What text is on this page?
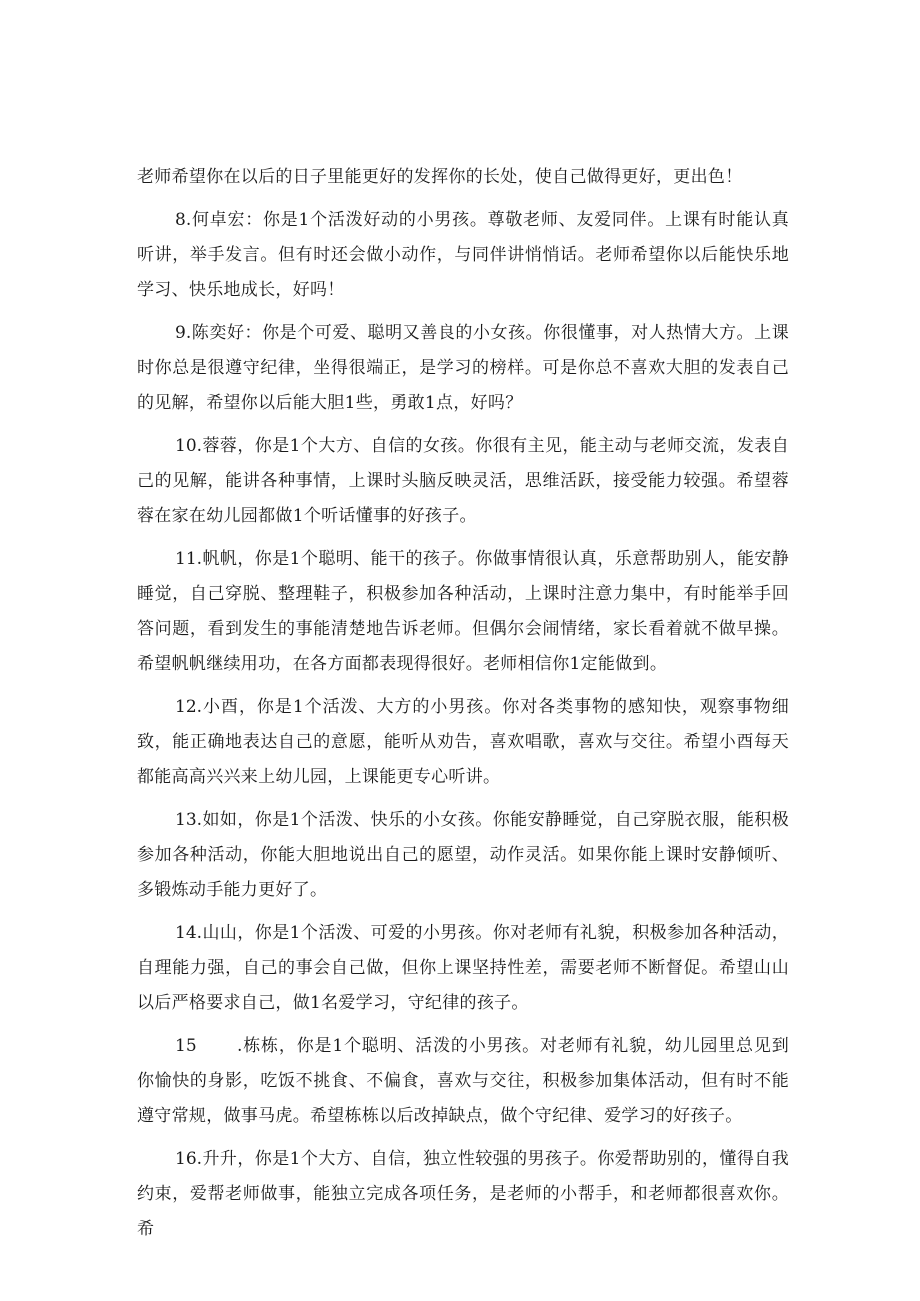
老师希望你在以后的日子里能更好的发挥你的长处，使自己做得更好，更出色！

8.何卓宏：你是1个活泼好动的小男孩。尊敬老师、友爱同伴。上课有时能认真听讲，举手发言。但有时还会做小动作，与同伴讲悄悄话。老师希望你以后能快乐地学习、快乐地成长，好吗！

9.陈奕好：你是个可爱、聪明又善良的小女孩。你很懂事，对人热情大方。上课时你总是很遵守纪律，坐得很端正，是学习的榜样。可是你总不喜欢大胆的发表自己的见解，希望你以后能大胆1些，勇敢1点，好吗？

10.蓉蓉，你是1个大方、自信的女孩。你很有主见，能主动与老师交流，发表自己的见解，能讲各种事情，上课时头脑反映灵活，思维活跃，接受能力较强。希望蓉蓉在家在幼儿园都做1个听话懂事的好孩子。

11.帆帆，你是1个聪明、能干的孩子。你做事情很认真，乐意帮助别人，能安静睡觉，自己穿脱、整理鞋子，积极参加各种活动，上课时注意力集中，有时能举手回答问题，看到发生的事能清楚地告诉老师。但偶尔会闹情绪，家长看着就不做早操。希望帆帆继续用功，在各方面都表现得很好。老师相信你1定能做到。

12.小酉，你是1个活泼、大方的小男孩。你对各类事物的感知快，观察事物细致，能正确地表达自己的意愿，能听从劝告，喜欢唱歌，喜欢与交往。希望小酉每天都能高高兴兴来上幼儿园，上课能更专心听讲。

13.如如，你是1个活泼、快乐的小女孩。你能安静睡觉，自己穿脱衣服，能积极参加各种活动，你能大胆地说出自己的愿望，动作灵活。如果你能上课时安静倾听、多锻炼动手能力更好了。

14.山山，你是1个活泼、可爱的小男孩。你对老师有礼貌，积极参加各种活动，自理能力强，自己的事会自己做，但你上课坚持性差，需要老师不断督促。希望山山以后严格要求自己，做1名爱学习，守纪律的孩子。

15 .栋栋，你是1个聪明、活泼的小男孩。对老师有礼貌，幼儿园里总见到你愉快的身影，吃饭不挑食、不偏食，喜欢与交往，积极参加集体活动，但有时不能遵守常规，做事马虎。希望栋栋以后改掉缺点，做个守纪律、爱学习的好孩子。

16.升升，你是1个大方、自信，独立性较强的男孩子。你爱帮助别的，懂得自我约束，爱帮老师做事，能独立完成各项任务，是老师的小帮手，和老师都很喜欢你。希
